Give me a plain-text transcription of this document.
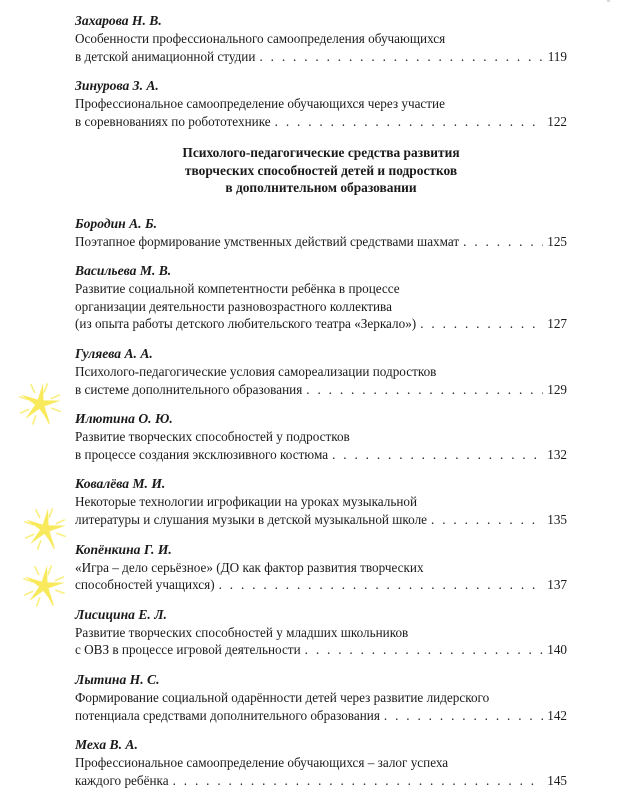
Захарова Н. В.
Особенности профессионального самоопределения обучающихся
в детской анимационной студии . . .	119
Зинурова З. А.
Профессиональное самоопределение обучающихся через участие
в соревнованиях по робототехнике . . .	122
Психолого-педагогические средства развития
творческих способностей детей и подростков
в дополнительном образовании
Бородин А. Б.
Поэтапное формирование умственных действий средствами шахмат . . .	125
Васильева М. В.
Развитие социальной компетентности ребёнка в процессе
организации деятельности разновозрастного коллектива
(из опыта работы детского любительского театра «Зеркало») . . .	127
Гуляева А. А.
Психолого-педагогические условия самореализации подростков
в системе дополнительного образования . . .	129
Илютина О. Ю.
Развитие творческих способностей у подростков
в процессе создания эксклюзивного костюма . . .	132
Ковалёва М. И.
Некоторые технологии игрофикации на уроках музыкальной
литературы и слушания музыки в детской музыкальной школе . . .	135
Копёнкина Г. И.
«Игра – дело серьёзное» (ДО как фактор развития творческих
способностей учащихся) . . .	137
Лисицина Е. Л.
Развитие творческих способностей у младших школьников
с ОВЗ в процессе игровой деятельности . . .	140
Лытина Н. С.
Формирование социальной одарённости детей через развитие лидерского
потенциала средствами дополнительного образования . . .	142
Меха В. А.
Профессиональное самоопределение обучающихся – залог успеха
каждого ребёнка . . .	145
